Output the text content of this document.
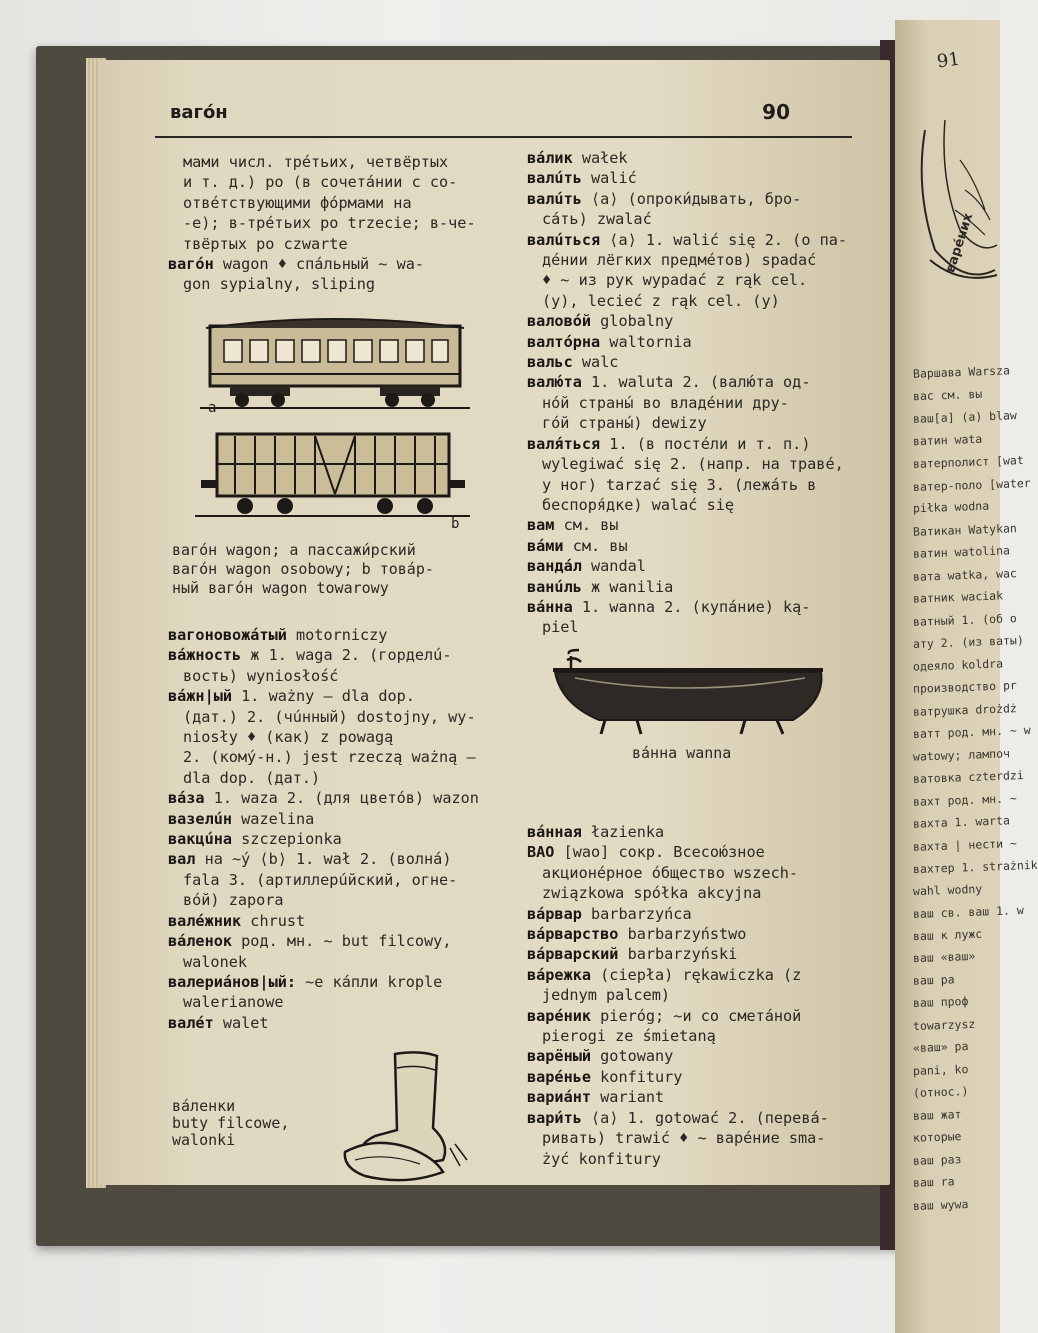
91
варéних
Варшава Warsza
вас см. вы
ваш[a] (a) blaw
ватин wata
ватерполист [wat
ватер-поло [water
piłka wodna
Ватикан Watykan
ватин watolina
вата watka, wac
ватник waciak
ватный 1. (об о
ату 2. (из ваты)
одеяло koldra
производство pr
ватрушка drożdż
ватт род. мн. ~ w
watowy; лампоч
ватовка czterdzi
вахт род. мн. ~
вахта 1. warta
вахта | нести ~
вахтер 1. strażnik
wahl wodny
ваш св. ваш 1. w
ваш к лужс
ваш «ваш»
ваш pa
ваш проф
towarzysz
«ваш» pa
pani, ko
(относ.)
ваш жат
которые
ваш раз
ваш ra
ваш wywa
вагóн	90
мами числ. трéтьих, четвёртых
и т. д.) po (в сочетáнии с со-
отвéтствующими фóрмами на
-e); в-трéтьих po trzecie; в-че-
твёртых po czwarte
вагóн wagon ♦ спáльный ~ wa-
gon sypialny, sliping
a
b
вагóн wagon; a пассажи́рский
вагóн wagon osobowy; b товáр-
ный вагóн wagon towarowy
вагоновожáтый motorniczy
вáжность ж 1. waga 2. (горделú-
вость) wyniosłość
вáжн|ый 1. ważny — dla dop.
(дат.) 2. (чúнный) dostojny, wy-
niosły ♦ (как) z powagą
2. (комý-н.) jest rzeczą ważną —
dla dop. (дат.)
вáза 1. waza 2. (для цветóв) wazon
вазелúн wazelina
вакцúна szczepionka
вал на ~ý ⟨b⟩ 1. wał 2. (вoлнá)
fala 3. (артиллерúйский, огне-
вóй) zapora
валéжник chrust
вáленок род. мн. ~ but filcowy,
walonek
валериáнов|ый: ~е кáпли krople
walerianowe
валéт walet
вáленки
buty filcowe,
walonki
вáлик wałek
валúть walić
валúть ⟨a⟩ (опроки́дывать, бро-
сáть) zwalać
валúться ⟨a⟩ 1. walić się 2. (o па-
дéнии лёгких предмéтов) spadać
♦ ~ из рук wypadać z rąk cel.
(y), lecieć z rąk cel. (y)
валовóй globalny
валтóрна waltornia
вальс walc
валю́та 1. waluta 2. (валю́та од-
нóй страны́ во владéнии дру-
гóй страны́) dewizy
валя́ться 1. (в постéли и т. п.)
wylegiwać się 2. (напр. на травé,
у ног) tarzać się 3. (лежáть в
беспоря́дке) walać się
вам см. вы
вáми см. вы
вандáл wandal
ванúль ж wanilia
вáнна 1. wanna 2. (купáние) ką-
piel
вáнна wanna
вáнная łazienka
ВАО [wao] сокр. Всесою́зное
акционéрное óбщество wszech-
związkowa spółka akcyjna
вáрвар barbarzyńca
вáрварство barbarzyństwo
вáрварский barbarzyński
вáрежка (ciepła) rękawiczka (z
jednym palcem)
варéник pieróg; ~и со сметáной
pierogi ze śmietaną
варёный gotowany
варéнье konfitury
вариáнт wariant
вари́ть ⟨a⟩ 1. gotować 2. (перева́-
ривать) trawić ♦ ~ варéние sma-
żyć konfitury
